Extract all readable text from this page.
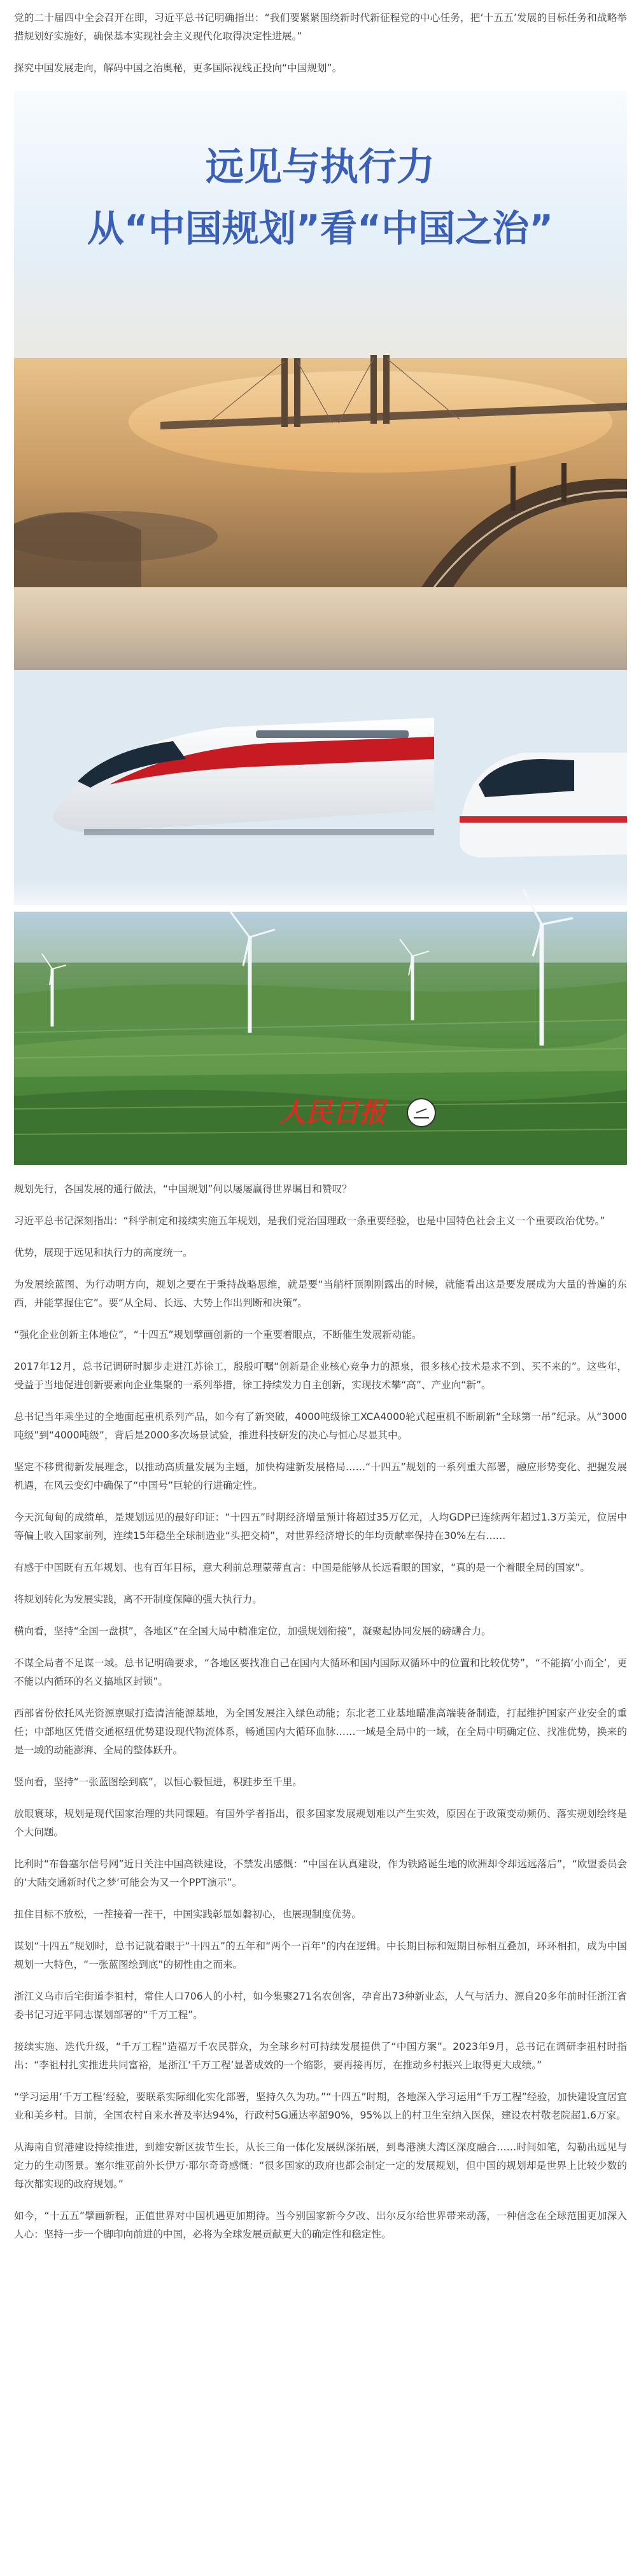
党的二十届四中全会召开在即，习近平总书记明确指出：“我们要紧紧围绕新时代新征程党的中心任务，把‘十五五’发展的目标任务和战略举措规划好实施好，确保基本实现社会主义现代化取得决定性进展。”

探究中国发展走向，解码中国之治奥秘，更多国际视线正投向“中国规划”。

远见与执行力
从“中国规划”看“中国之治”
人民日报

规划先行，各国发展的通行做法，“中国规划”何以屡屡赢得世界瞩目和赞叹？

习近平总书记深刻指出：“科学制定和接续实施五年规划，是我们党治国理政一条重要经验，也是中国特色社会主义一个重要政治优势。”

优势，展现于远见和执行力的高度统一。

为发展绘蓝图、为行动明方向，规划之要在于秉持战略思维，就是要“当艄杆顶刚刚露出的时候，就能看出这是要发展成为大量的普遍的东西，并能掌握住它”。要“从全局、长远、大势上作出判断和决策”。

“强化企业创新主体地位”，“十四五”规划擘画创新的一个重要着眼点，不断催生发展新动能。

2017年12月，总书记调研时脚步走进江苏徐工，殷殷叮嘱“创新是企业核心竞争力的源泉，很多核心技术是求不到、买不来的”。这些年，受益于当地促进创新要素向企业集聚的一系列举措，徐工持续发力自主创新，实现技术攀“高”、产业向“新”。

总书记当年乘坐过的全地面起重机系列产品，如今有了新突破，4000吨级徐工XCA4000轮式起重机不断刷新“全球第一吊”纪录。从“3000吨级”到“4000吨级”，背后是2000多次场景试验，推进科技研发的决心与恒心尽显其中。

坚定不移贯彻新发展理念，以推动高质量发展为主题，加快构建新发展格局……“十四五”规划的一系列重大部署，融应形势变化、把握发展机遇，在风云变幻中确保了“中国号”巨轮的行进确定性。

今天沉甸甸的成绩单，是规划远见的最好印证：“十四五”时期经济增量预计将超过35万亿元，人均GDP已连续两年超过1.3万美元，位居中等偏上收入国家前列，连续15年稳坐全球制造业“头把交椅”，对世界经济增长的年均贡献率保持在30%左右……

有感于中国既有五年规划、也有百年目标，意大利前总理蒙蒂直言：中国是能够从长远看眼的国家，“真的是一个着眼全局的国家”。

将规划转化为发展实践，离不开制度保障的强大执行力。

横向看，坚持“全国一盘棋”，各地区“在全国大局中精准定位，加强规划衔接”，凝聚起协同发展的磅礴合力。

不谋全局者不足谋一域。总书记明确要求，“各地区要找准自己在国内大循环和国内国际双循环中的位置和比较优势”，“不能搞‘小而全’，更不能以内循环的名义搞地区封锁”。

西部省份依托风光资源禀赋打造清洁能源基地，为全国发展注入绿色动能；东北老工业基地瞄准高端装备制造，打起维护国家产业安全的重任；中部地区凭借交通枢纽优势建设现代物流体系，畅通国内大循环血脉……一域是全局中的一域，在全局中明确定位、找准优势，换来的是一域的动能澎湃、全局的整体跃升。

竖向看，坚持“一张蓝图绘到底”，以恒心毅恒进，积跬步至千里。

放眼寰球，规划是现代国家治理的共同课题。有国外学者指出，很多国家发展规划难以产生实效，原因在于政策变动频仍、落实规划绘终是个大问题。

比利时“布鲁塞尔信号网”近日关注中国高铁建设，不禁发出感慨：“中国在认真建设，作为铁路诞生地的欧洲却令却远远落后”，“欧盟委员会的‘大陆交通新时代之梦’可能会为又一个PPT演示”。

扭住目标不放松，一茬接着一茬干，中国实践彰显如磐初心，也展现制度优势。

谋划“十四五”规划时，总书记就着眼于“十四五”的五年和“两个一百年”的内在逻辑。中长期目标和短期目标相互叠加，环环相扣，成为中国规划一大特色，“一张蓝图绘到底”的韧性由之而来。

浙江义乌市后宅街道李祖村，常住人口706人的小村，如今集聚271名农创客，孕育出73种新业态，人气与活力、源自20多年前时任浙江省委书记习近平同志谋划部署的“千万工程”。

接续实施、迭代升级，“千万工程”造福万千农民群众，为全球乡村可持续发展提供了“中国方案”。2023年9月，总书记在调研李祖村时指出：“李祖村扎实推进共同富裕，是浙江‘千万工程’显著成效的一个缩影，要再接再厉，在推动乡村振兴上取得更大成绩。”

“学习运用‘千万工程’经验，要联系实际细化实化部署，坚持久久为功。”“十四五”时期，各地深入学习运用“千万工程”经验，加快建设宜居宜业和美乡村。目前，全国农村自来水普及率达94%，行政村5G通达率超90%，95%以上的村卫生室纳入医保，建设农村敬老院超1.6万家。

从海南自贸港建设持续推进，到雄安新区拔节生长，从长三角一体化发展纵深拓展，到粤港澳大湾区深度融合……时间如笔，勾勒出远见与定力的生动图景。塞尔维亚前外长伊万·耶尔奇奇感慨：“很多国家的政府也都会制定一定的发展规划，但中国的规划却是世界上比较少数的每次都实现的政府规划。”

如今，“十五五”擘画新程，正值世界对中国机遇更加期待。当今别国家新今夕改、出尔反尔给世界带来动荡，一种信念在全球范围更加深入人心：坚持一步一个脚印向前进的中国，必将为全球发展贡献更大的确定性和稳定性。
